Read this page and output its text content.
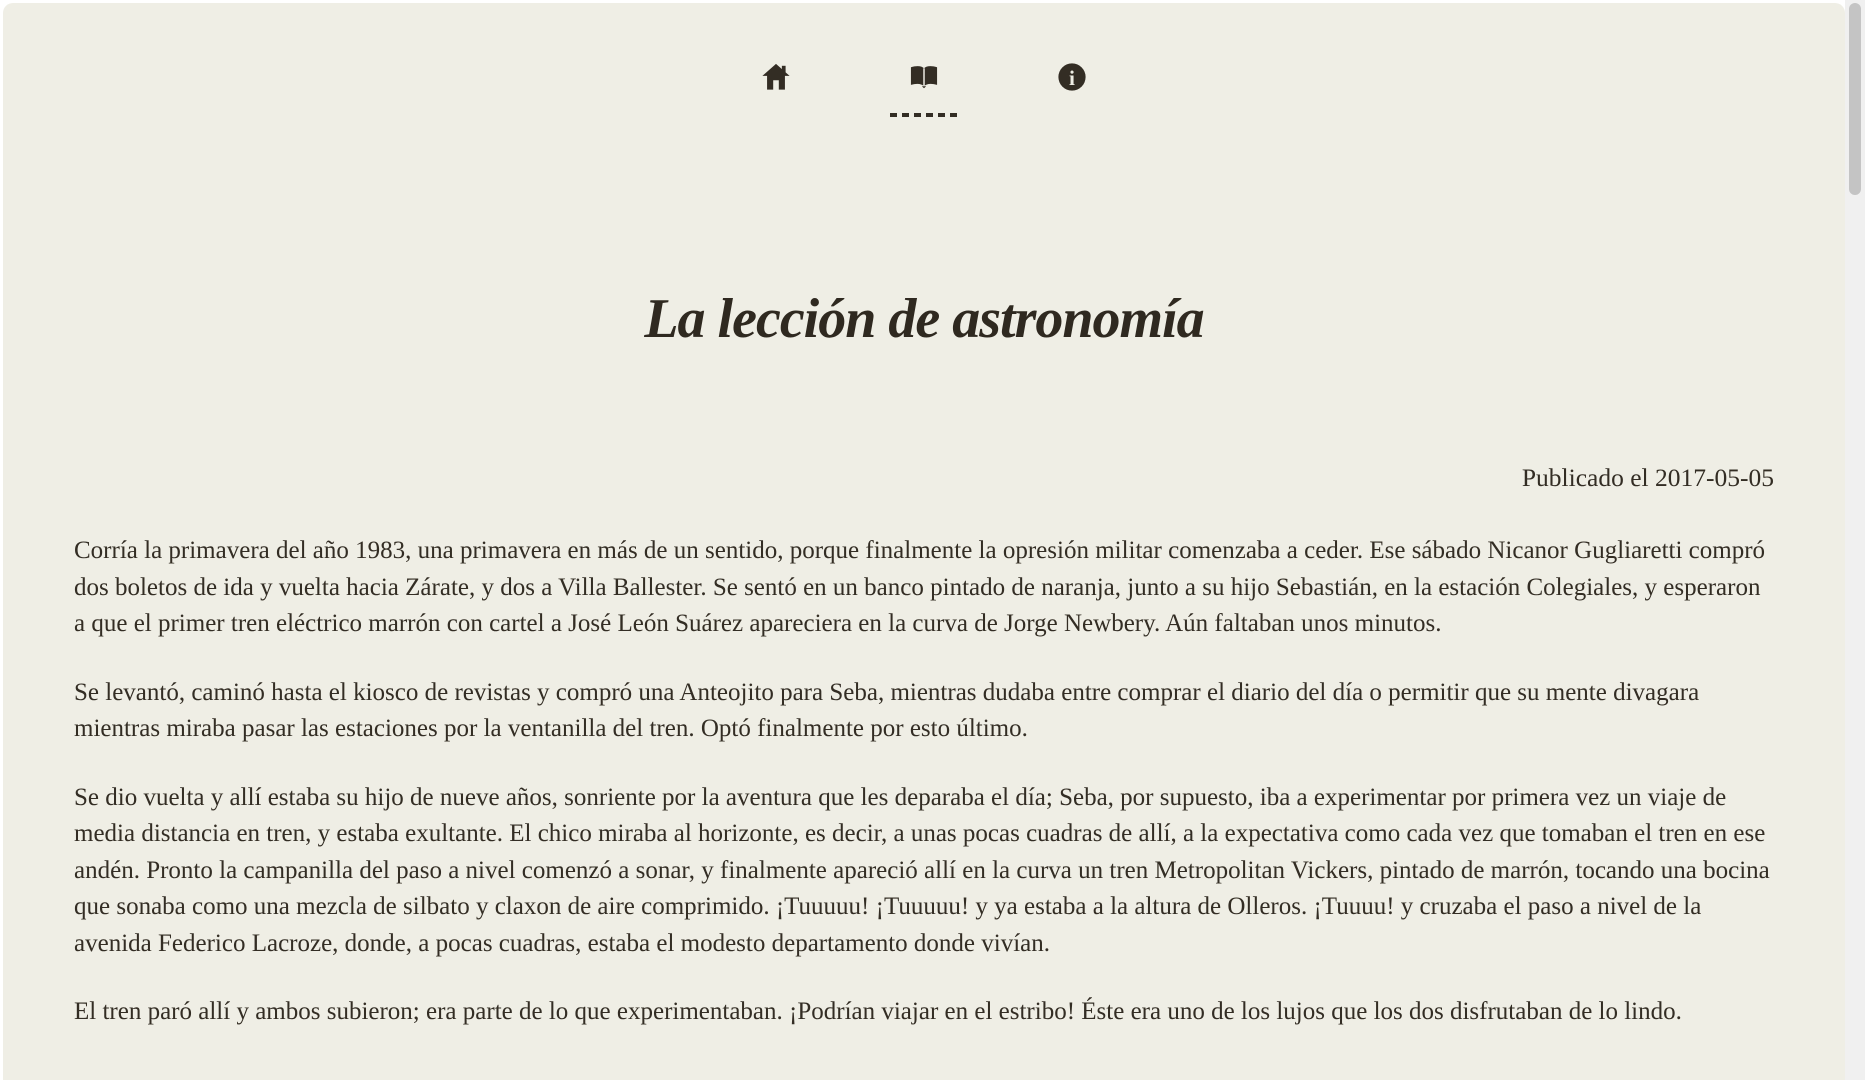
i
La lección de astronomía
Publicado el 2017-05-05

Corría la primavera del año 1983, una primavera en más de un sentido, porque finalmente la opresión militar comenzaba a ceder. Ese sábado Nicanor Gugliaretti compró dos boletos de ida y vuelta hacia Zárate, y dos a Villa Ballester. Se sentó en un banco pintado de naranja, junto a su hijo Sebastián, en la estación Colegiales, y esperaron a que el primer tren eléctrico marrón con cartel a José León Suárez apareciera en la curva de Jorge Newbery. Aún faltaban unos minutos.

Se levantó, caminó hasta el kiosco de revistas y compró una Anteojito para Seba, mientras dudaba entre comprar el diario del día o permitir que su mente divagara mientras miraba pasar las estaciones por la ventanilla del tren. Optó finalmente por esto último.

Se dio vuelta y allí estaba su hijo de nueve años, sonriente por la aventura que les deparaba el día; Seba, por supuesto, iba a experimentar por primera vez un viaje de media distancia en tren, y estaba exultante. El chico miraba al horizonte, es decir, a unas pocas cuadras de allí, a la expectativa como cada vez que tomaban el tren en ese andén. Pronto la campanilla del paso a nivel comenzó a sonar, y finalmente apareció allí en la curva un tren Metropolitan Vickers, pintado de marrón, tocando una bocina que sonaba como una mezcla de silbato y claxon de aire comprimido. ¡Tuuuuu! ¡Tuuuuu! y ya estaba a la altura de Olleros. ¡Tuuuu! y cruzaba el paso a nivel de la avenida Federico Lacroze, donde, a pocas cuadras, estaba el modesto departamento donde vivían.

El tren paró allí y ambos subieron; era parte de lo que experimentaban. ¡Podrían viajar en el estribo! Éste era uno de los lujos que los dos disfrutaban de lo lindo.
